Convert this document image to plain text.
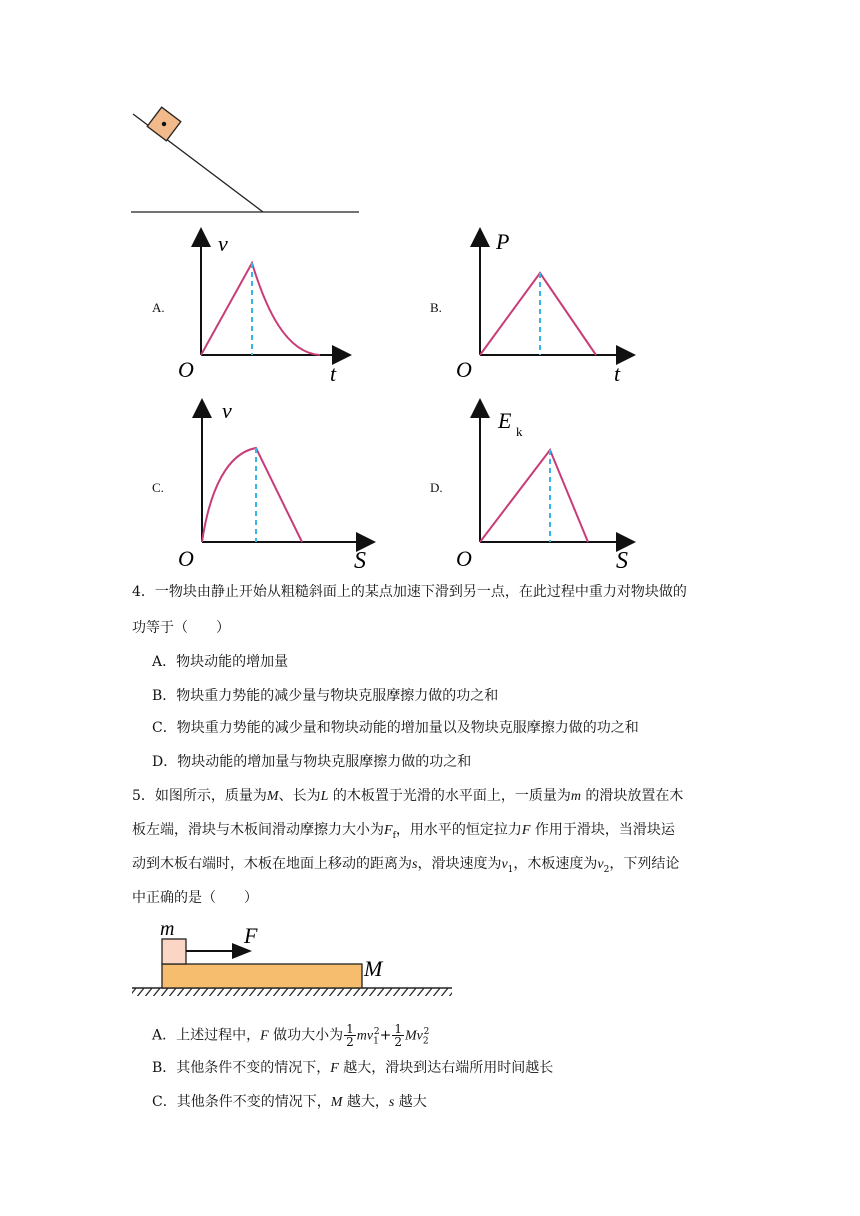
A.
v
O	t
B.
P
O	t
C.
v
O	S
D.
E k
O	S
4．一物块由静止开始从粗糙斜面上的某点加速下滑到另一点，在此过程中重力对物块做的
功等于（　　）
A．物块动能的增加量
B．物块重力势能的减少量与物块克服摩擦力做的功之和
C．物块重力势能的减少量和物块动能的增加量以及物块克服摩擦力做的功之和
D．物块动能的增加量与物块克服摩擦力做的功之和
5．如图所示，质量为M、长为L 的木板置于光滑的水平面上，一质量为m 的滑块放置在木
板左端，滑块与木板间滑动摩擦力大小为$F_f$，用水平的恒定拉力F 作用于滑块，当滑块运
动到木板右端时，木板在地面上移动的距离为s，滑块速度为$v_1$，木板速度为$v_2$，下列结论
中正确的是（　　）
m	F
M
A．上述过程中，F 做功大小为 $\frac{1}{2} mv_1^2+ \frac{1}{2} Mv_2^2$
B．其他条件不变的情况下，F 越大，滑块到达右端所用时间越长
C．其他条件不变的情况下，M 越大，s 越大
